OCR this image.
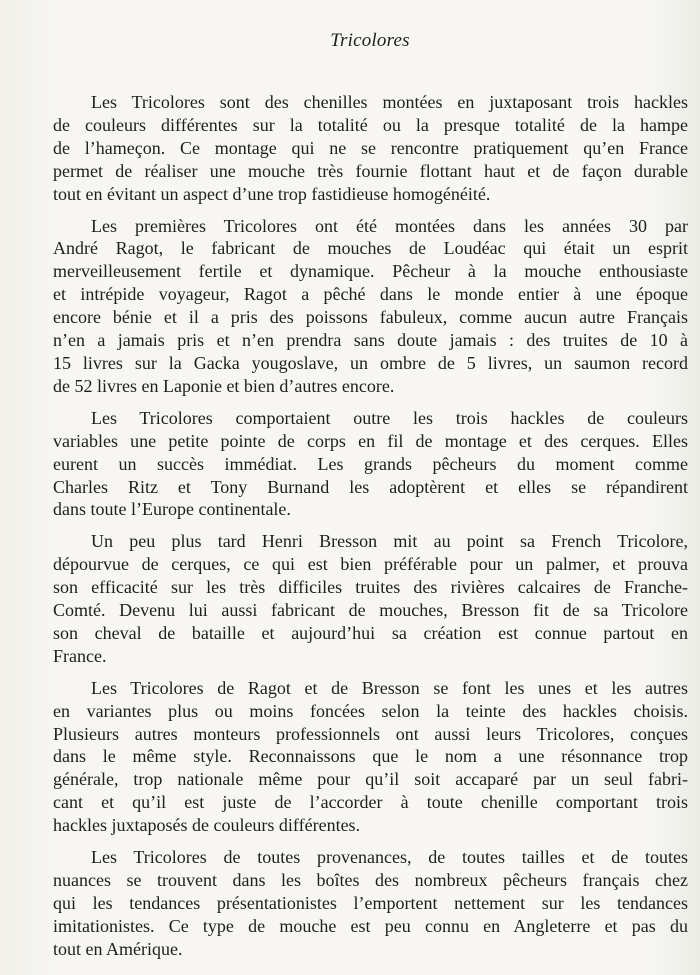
Tricolores
Les Tricolores sont des chenilles montées en juxtaposant trois hackles
de couleurs différentes sur la totalité ou la presque totalité de la hampe
de l’hameçon. Ce montage qui ne se rencontre pratiquement qu’en France
permet de réaliser une mouche très fournie flottant haut et de façon durable
tout en évitant un aspect d’une trop fastidieuse homogénéité.
Les premières Tricolores ont été montées dans les années 30 par
André Ragot, le fabricant de mouches de Loudéac qui était un esprit
merveilleusement fertile et dynamique. Pêcheur à la mouche enthousiaste
et intrépide voyageur, Ragot a pêché dans le monde entier à une époque
encore bénie et il a pris des poissons fabuleux, comme aucun autre Français
n’en a jamais pris et n’en prendra sans doute jamais : des truites de 10 à
15 livres sur la Gacka yougoslave, un ombre de 5 livres, un saumon record
de 52 livres en Laponie et bien d’autres encore.
Les Tricolores comportaient outre les trois hackles de couleurs
variables une petite pointe de corps en fil de montage et des cerques. Elles
eurent un succès immédiat. Les grands pêcheurs du moment comme
Charles Ritz et Tony Burnand les adoptèrent et elles se répandirent
dans toute l’Europe continentale.
Un peu plus tard Henri Bresson mit au point sa French Tricolore,
dépourvue de cerques, ce qui est bien préférable pour un palmer, et prouva
son efficacité sur les très difficiles truites des rivières calcaires de Franche-
Comté. Devenu lui aussi fabricant de mouches, Bresson fit de sa Tricolore
son cheval de bataille et aujourd’hui sa création est connue partout en
France.
Les Tricolores de Ragot et de Bresson se font les unes et les autres
en variantes plus ou moins foncées selon la teinte des hackles choisis.
Plusieurs autres monteurs professionnels ont aussi leurs Tricolores, conçues
dans le même style. Reconnaissons que le nom a une résonnance trop
générale, trop nationale même pour qu’il soit accaparé par un seul fabri-
cant et qu’il est juste de l’accorder à toute chenille comportant trois
hackles juxtaposés de couleurs différentes.
Les Tricolores de toutes provenances, de toutes tailles et de toutes
nuances se trouvent dans les boîtes des nombreux pêcheurs français chez
qui les tendances présentationistes l’emportent nettement sur les tendances
imitationistes. Ce type de mouche est peu connu en Angleterre et pas du
tout en Amérique.
